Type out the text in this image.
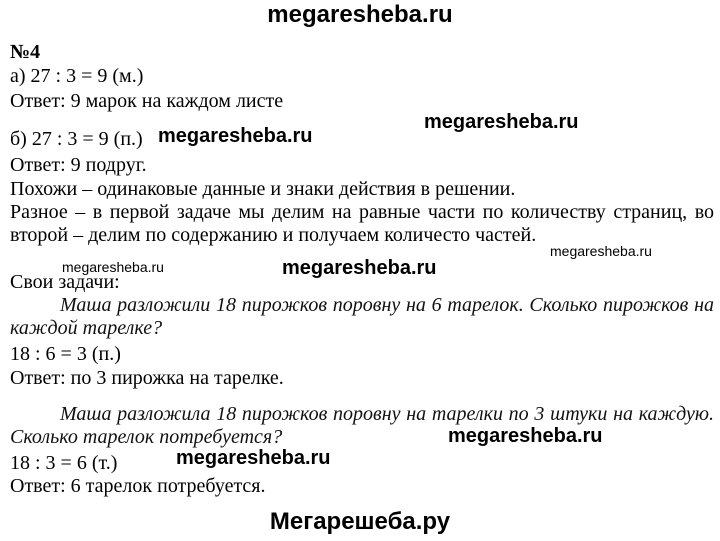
megaresheba.ru
№4
а) 27 : 3 = 9 (м.)
Ответ: 9 марок на каждом листе
б) 27 : 3 = 9 (п.)
Ответ: 9 подруг.
Похожи – одинаковые данные и знаки действия в решении.
Разное – в первой задаче мы делим на равные части по количеству страниц, во второй – делим по содержанию и получаем количесто частей.
Свои задачи:
Маша разложили 18 пирожков поровну на 6 тарелок. Сколько пирожков на каждой тарелке?
18 : 6 = 3 (п.)
Ответ: по 3 пирожка на тарелке.
Маша разложила 18 пирожков поровну на тарелки по 3 штуки на каждую. Сколько тарелок потребуется?
18 : 3 = 6 (т.)
Ответ: 6 тарелок потребуется.
megaresheba.ru
megaresheba.ru
megaresheba.ru
megaresheba.ru	megaresheba.ru
megaresheba.ru
megaresheba.ru
Мегарешеба.ру
